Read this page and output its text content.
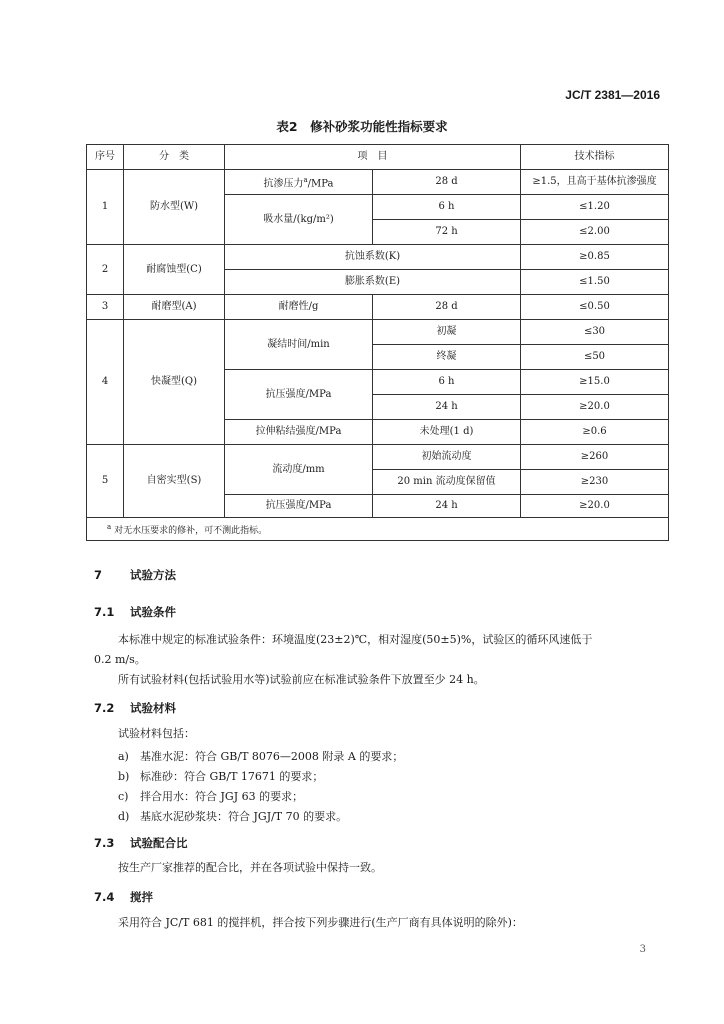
JC/T 2381—2016
表2　修补砂浆功能性指标要求
序号	分　类	项　目		技术指标
1	防水型(W)	抗渗压力$^a$/MPa	28 d	≥1.5，且高于基体抗渗强度
		吸水量/(kg/m²)	6 h	≤1.20
			72 h	≤2.00
2	耐腐蚀型(C)	抗蚀系数(K)		≥0.85
		膨胀系数(E)		≤1.50
3	耐磨型(A)	耐磨性/g	28 d	≤0.50
4	快凝型(Q)	凝结时间/min	初凝	≤30
			终凝	≤50
		抗压强度/MPa	6 h	≥15.0
			24 h	≥20.0
		拉伸粘结强度/MPa	未处理(1 d)	≥0.6
5	自密实型(S)	流动度/mm	初始流动度	≥260
			20 min 流动度保留值	≥230
		抗压强度/MPa	24 h	≥20.0
$^a$ 对无水压要求的修补，可不测此指标。				
7 试验方法
7.1 试验条件
本标准中规定的标准试验条件：环境温度(23±2)℃，相对湿度(50±5)%，试验区的循环风速低于
0.2 m/s。
所有试验材料(包括试验用水等)试验前应在标准试验条件下放置至少 24 h。
7.2 试验材料
试验材料包括：
a) 基准水泥：符合 GB/T 8076—2008 附录 A 的要求；
b) 标准砂：符合 GB/T 17671 的要求；
c) 拌合用水：符合 JGJ 63 的要求；
d) 基底水泥砂浆块：符合 JGJ/T 70 的要求。
7.3 试验配合比
按生产厂家推荐的配合比，并在各项试验中保持一致。
7.4 搅拌
采用符合 JC/T 681 的搅拌机，拌合按下列步骤进行(生产厂商有具体说明的除外)：
3
